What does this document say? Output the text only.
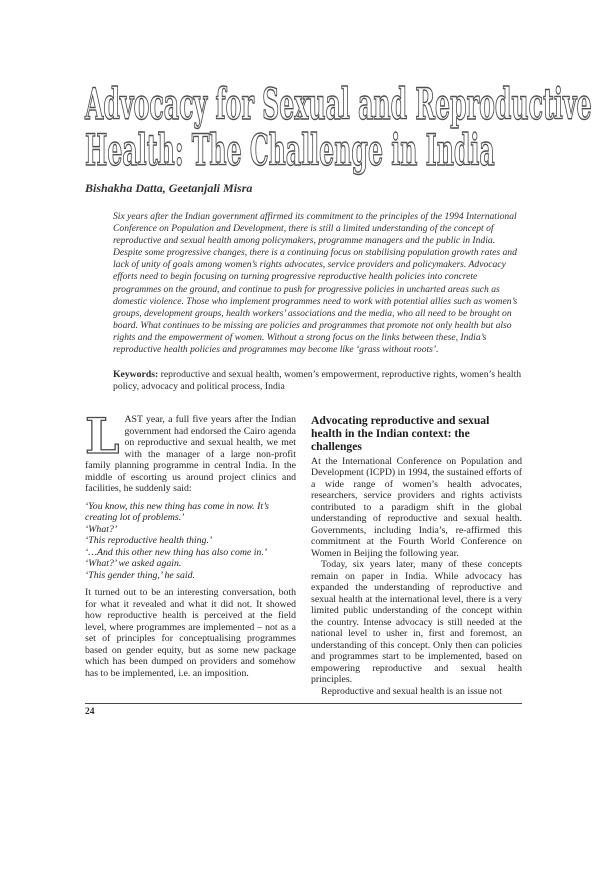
Advocacy for Sexual and Reproductive
Health: The Challenge in India
Bishakha Datta, Geetanjali Misra
Six years after the Indian government affirmed its commitment to the principles of the 1994 International Conference on Population and Development, there is still a limited understanding of the concept of reproductive and sexual health among policymakers, programme managers and the public in India. Despite some progressive changes, there is a continuing focus on stabilising population growth rates and lack of unity of goals among women’s rights advocates, service providers and policymakers. Advocacy efforts need to begin focusing on turning progressive reproductive health policies into concrete programmes on the ground, and continue to push for progressive policies in uncharted areas such as domestic violence. Those who implement programmes need to work with potential allies such as women’s groups, development groups, health workers’ associations and the media, who all need to be brought on board. What continues to be missing are policies and programmes that promote not only health but also rights and the empowerment of women. Without a strong focus on the links between these, India’s reproductive health policies and programmes may become like ‘grass without roots’.
Keywords: reproductive and sexual health, women’s empowerment, reproductive rights, women’s health policy, advocacy and political process, India

LAST year, a full five years after the Indian government had endorsed the Cairo agenda on reproductive and sexual health, we met with the manager of a large non-profit family planning programme in central India. In the middle of escorting us around project clinics and facilities, he suddenly said:

‘You know, this new thing has come in now. It’s creating lot of problems.’
‘What?’
‘This reproductive health thing.’
‘…And this other new thing has also come in.’
‘What?’ we asked again.
‘This gender thing,’ he said.

It turned out to be an interesting conversation, both for what it revealed and what it did not. It showed how reproductive health is perceived at the field level, where programmes are implemented – not as a set of principles for conceptualising programmes based on gender equity, but as some new package which has been dumped on providers and somehow has to be implemented, i.e. an imposition.

Advocating reproductive and sexual health in the Indian context: the challenges

At the International Conference on Population and Development (ICPD) in 1994, the sustained efforts of a wide range of women’s health advocates, researchers, service providers and rights activists contributed to a paradigm shift in the global understanding of reproductive and sexual health. Governments, including India’s, re-affirmed this commitment at the Fourth World Conference on Women in Beijing the following year.

Today, six years later, many of these concepts remain on paper in India. While advocacy has expanded the understanding of reproductive and sexual health at the international level, there is a very limited public understanding of the concept within the country. Intense advocacy is still needed at the national level to usher in, first and foremost, an understanding of this concept. Only then can policies and programmes start to be implemented, based on empowering reproductive and sexual health principles.

Reproductive and sexual health is an issue not

24
